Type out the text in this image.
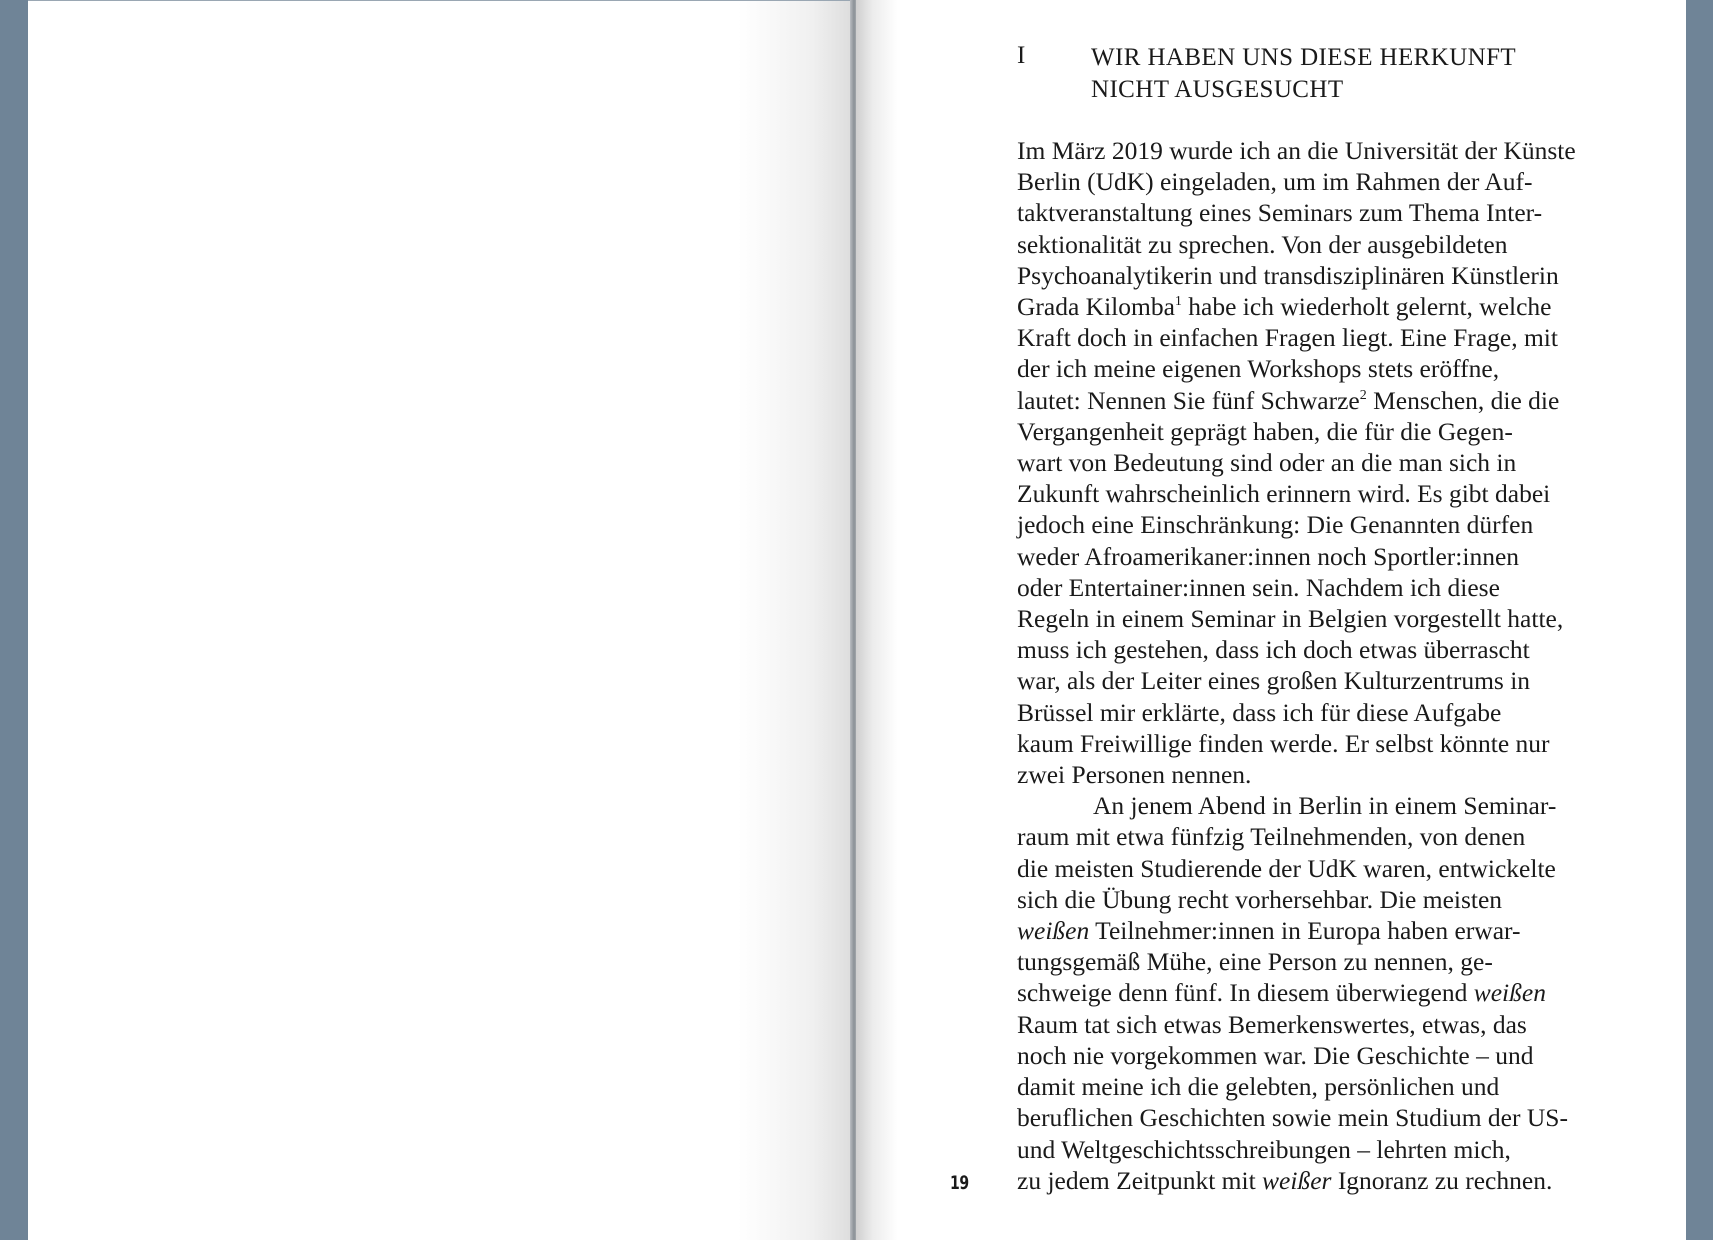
I	WIR HABEN UNS DIESE HERKUNFT
NICHT AUSGESUCHT
Im März 2019 wurde ich an die Universität der Künste
Berlin (UdK) eingeladen, um im Rahmen der Auf-
taktveranstaltung eines Seminars zum Thema Inter-
sektionalität zu sprechen. Von der ausgebildeten
Psychoanalytikerin und transdisziplinären Künstlerin
Grada Kilomba$^1$ habe ich wiederholt gelernt, welche
Kraft doch in einfachen Fragen liegt. Eine Frage, mit
der ich meine eigenen Workshops stets eröffne,
lautet: Nennen Sie fünf Schwarze$^2$ Menschen, die die
Vergangenheit geprägt haben, die für die Gegen-
wart von Bedeutung sind oder an die man sich in
Zukunft wahrscheinlich erinnern wird. Es gibt dabei
jedoch eine Einschränkung: Die Genannten dürfen
weder Afroamerikaner:innen noch Sportler:innen
oder Entertainer:innen sein. Nachdem ich diese
Regeln in einem Seminar in Belgien vorgestellt hatte,
muss ich gestehen, dass ich doch etwas überrascht
war, als der Leiter eines großen Kulturzentrums in
Brüssel mir erklärte, dass ich für diese Aufgabe
kaum Freiwillige finden werde. Er selbst könnte nur
zwei Personen nennen.
An jenem Abend in Berlin in einem Seminar-
raum mit etwa fünfzig Teilnehmenden, von denen
die meisten Studierende der UdK waren, entwickelte
sich die Übung recht vorhersehbar. Die meisten
weißen Teilnehmer:innen in Europa haben erwar-
tungsgemäß Mühe, eine Person zu nennen, ge-
schweige denn fünf. In diesem überwiegend weißen
Raum tat sich etwas Bemerkenswertes, etwas, das
noch nie vorgekommen war. Die Geschichte – und
damit meine ich die gelebten, persönlichen und
beruflichen Geschichten sowie mein Studium der US-
und Weltgeschichtsschreibungen – lehrten mich,
zu jedem Zeitpunkt mit weißer Ignoranz zu rechnen.
19
